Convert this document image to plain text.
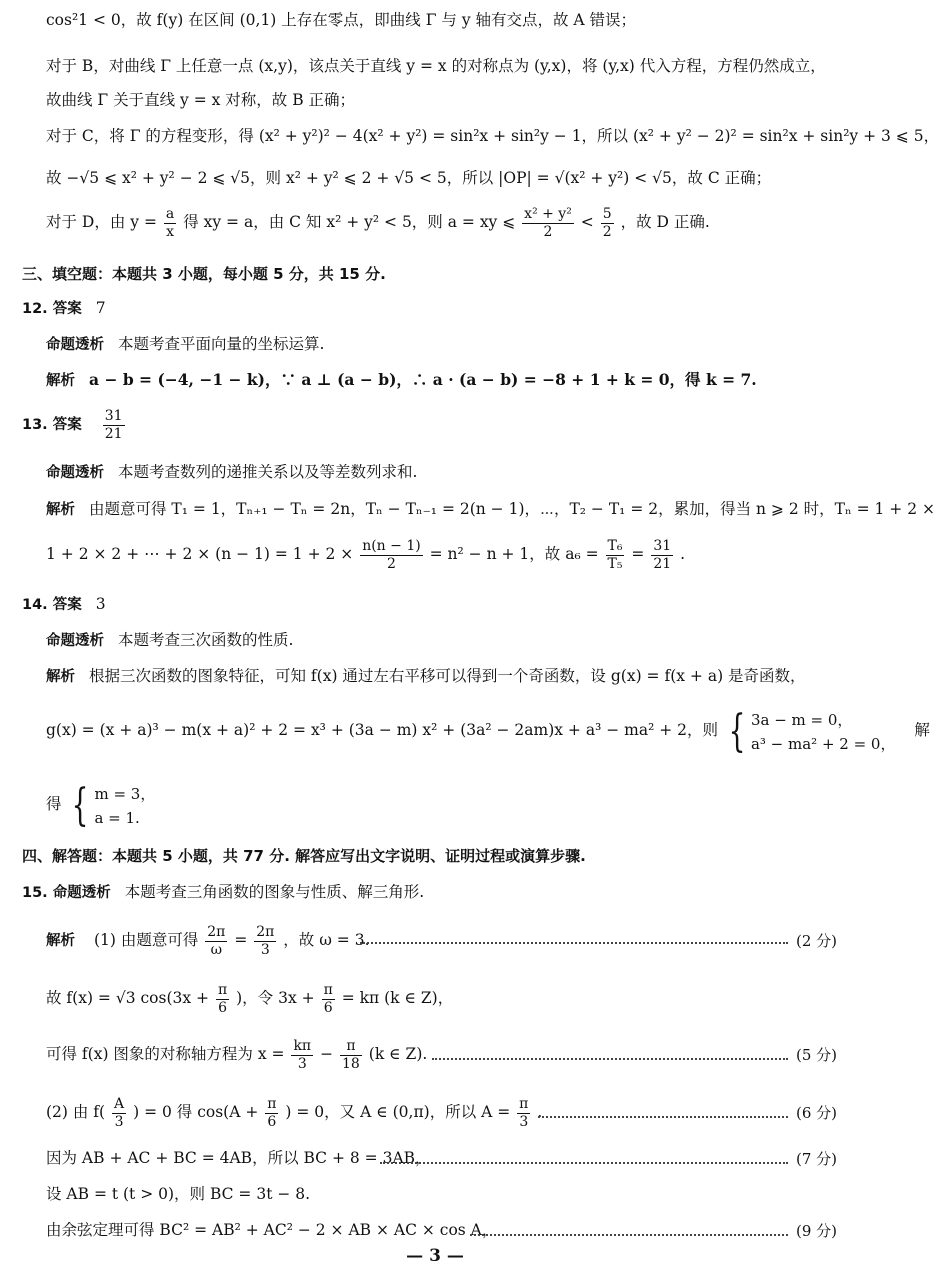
cos²1 < 0，故 f(y) 在区间 (0,1) 上存在零点，即曲线 Γ 与 y 轴有交点，故 A 错误；
对于 B，对曲线 Γ 上任意一点 (x,y)，该点关于直线 y = x 的对称点为 (y,x)，将 (y,x) 代入方程，方程仍然成立，
故曲线 Γ 关于直线 y = x 对称，故 B 正确；
对于 C，将 Γ 的方程变形，得 (x² + y²)² − 4(x² + y²) = sin²x + sin²y − 1，所以 (x² + y² − 2)² = sin²x + sin²y + 3 ⩽ 5，
故 −√5 ⩽ x² + y² − 2 ⩽ √5，则 x² + y² ⩽ 2 + √5 < 5，所以 |OP| = √(x² + y²) < √5，故 C 正确；
对于 D，由 $y = \frac{a}{x}$ 得 xy = a，由 C 知 x² + y² < 5，则 a = xy ⩽ $\frac{\text{x² + y²}}{2} < \frac{5}{2}$ ，故 D 正确.
三、填空题：本题共 3 小题，每小题 5 分，共 15 分.
12. 答案 7
命题透析 本题考查平面向量的坐标运算.
解析 a − b = (−4, −1 − k)，∵ a ⊥ (a − b)，∴ a · (a − b) = −8 + 1 + k = 0，得 k = 7.
13. 答案 $\frac{31}{21}$
命题透析 本题考查数列的递推关系以及等差数列求和.
解析 由题意可得 T₁ = 1，Tₙ₊₁ − Tₙ = 2n，Tₙ − Tₙ₋₁ = 2(n − 1)，⋯，T₂ − T₁ = 2，累加，得当 n ⩾ 2 时，Tₙ = 1 + 2 ×
1 + 2 × 2 + ⋯ + $2 \times (n - 1) = 1 + 2 \times \frac{n(n - 1)}{2} = n^2 - n + 1$，故 $a_6 = \frac{\text{T₆}}{\text{T₅}} = \frac{31}{21}$ .
14. 答案 3
命题透析 本题考查三次函数的性质.
解析 根据三次函数的图象特征，可知 f(x) 通过左右平移可以得到一个奇函数，设 g(x) = f(x + a) 是奇函数，
g(x) = (x + a)³ − m(x + a)² + 2 = x³ + (3a − m) x² + (3a² − 2am)x + a³ − ma² + 2，则 { 3a − m = 0，
a³ − ma² + 2 = 0，
解
得 { m = 3，
a = 1.
四、解答题：本题共 5 小题，共 77 分. 解答应写出文字说明、证明过程或演算步骤.
15. 命题透析 本题考查三角函数的图象与性质、解三角形.
解析 (1) 由题意可得 $\frac{2\pi}{\omega} = \frac{2\pi}{3}$ ，故 ω = 3.	(2 分)
故 f(x) = √3 $\cos(3x + \frac{\pi}{6}$ )，令 $3x + \frac{\pi}{6} = k\pi$ (k ∈ Z)，
可得 f(x) 图象的对称轴方程为 $x = \frac{k\pi}{3} - \frac{\pi}{18} (k$ ∈ Z).	(5 分)
(2) 由 $f( \frac{A}{3}$ ) = 0 得 $\cos(A + \frac{\pi}{6}$ ) = 0，又 A ∈ (0,π)，所以 $A = \frac{\pi}{3}$ .	(6 分)
因为 AB + AC + BC = 4AB，所以 BC + 8 = 3AB，	(7 分)
设 AB = t (t > 0)，则 BC = 3t − 8.
由余弦定理可得 BC² = AB² + AC² − 2 × AB × AC × cos A，	(9 分)
— 3 —
